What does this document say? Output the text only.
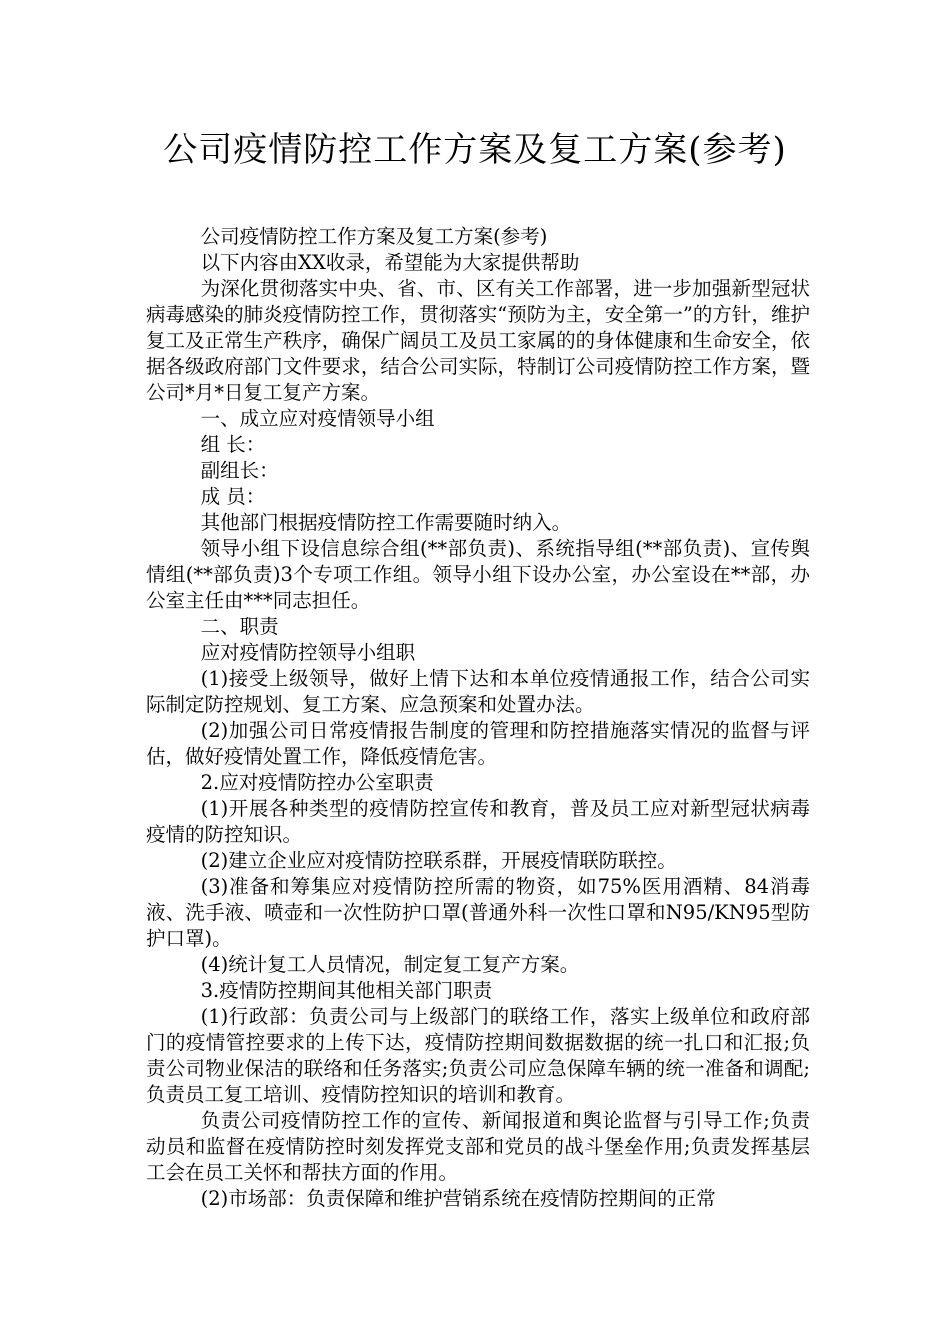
公司疫情防控工作方案及复工方案(参考)

公司疫情防控工作方案及复工方案(参考)

以下内容由XX收录，希望能为大家提供帮助

为深化贯彻落实中央、省、市、区有关工作部署，进一步加强新型冠状病毒感染的肺炎疫情防控工作，贯彻落实“预防为主，安全第一”的方针，维护复工及正常生产秩序，确保广阔员工及员工家属的的身体健康和生命安全，依据各级政府部门文件要求，结合公司实际，特制订公司疫情防控工作方案，暨公司*月*日复工复产方案。

一、成立应对疫情领导小组

组 长：

副组长：

成 员：

其他部门根据疫情防控工作需要随时纳入。

领导小组下设信息综合组(**部负责)、系统指导组(**部负责)、宣传舆情组(**部负责)3个专项工作组。领导小组下设办公室，办公室设在**部，办公室主任由***同志担任。

二、职责

应对疫情防控领导小组职

(1)接受上级领导，做好上情下达和本单位疫情通报工作，结合公司实际制定防控规划、复工方案、应急预案和处置办法。

(2)加强公司日常疫情报告制度的管理和防控措施落实情况的监督与评估，做好疫情处置工作，降低疫情危害。

2.应对疫情防控办公室职责

(1)开展各种类型的疫情防控宣传和教育，普及员工应对新型冠状病毒疫情的防控知识。

(2)建立企业应对疫情防控联系群，开展疫情联防联控。

(3)准备和筹集应对疫情防控所需的物资，如75%医用酒精、84消毒液、洗手液、喷壶和一次性防护口罩(普通外科一次性口罩和N95/KN95型防护口罩)。

(4)统计复工人员情况，制定复工复产方案。

3.疫情防控期间其他相关部门职责

(1)行政部：负责公司与上级部门的联络工作，落实上级单位和政府部门的疫情管控要求的上传下达，疫情防控期间数据数据的统一扎口和汇报;负责公司物业保洁的联络和任务落实;负责公司应急保障车辆的统一准备和调配;负责员工复工培训、疫情防控知识的培训和教育。

负责公司疫情防控工作的宣传、新闻报道和舆论监督与引导工作;负责动员和监督在疫情防控时刻发挥党支部和党员的战斗堡垒作用;负责发挥基层工会在员工关怀和帮扶方面的作用。

(2)市场部：负责保障和维护营销系统在疫情防控期间的正常
